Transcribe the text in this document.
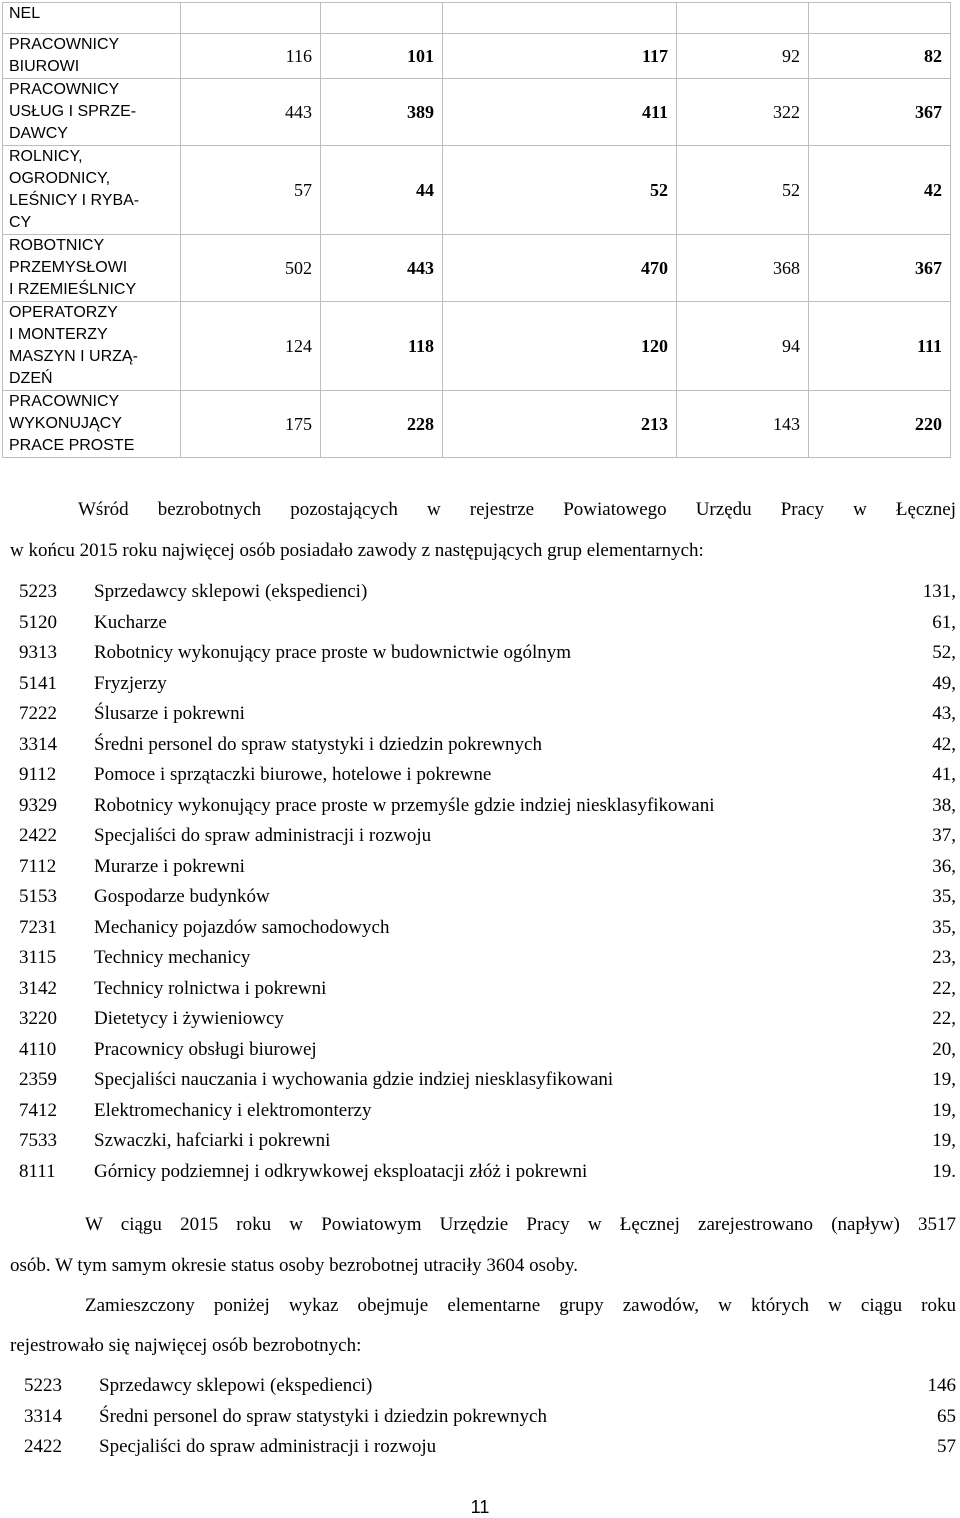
NEL					

PRACOWNICY
BIUROWI	116	101	117	92	82

PRACOWNICY
USŁUG I SPRZE-
DAWCY	443	389	411	322	367

ROLNICY,
OGRODNICY,
LEŚNICY I RYBA-
CY	57	44	52	52	42

ROBOTNICY
PRZEMYSŁOWI
I RZEMIEŚLNICY	502	443	470	368	367

OPERATORZY
I MONTERZY
MASZYN I URZĄ-
DZEŃ	124	118	120	94	111

PRACOWNICY
WYKONUJĄCY
PRACE PROSTE	175	228	213	143	220
Wśród bezrobotnych pozostających w rejestrze Powiatowego Urzędu Pracy w Łęcznej
w końcu 2015 roku najwięcej osób posiadało zawody z następujących grup elementarnych:
5223	Sprzedawcy sklepowi (ekspedienci)	131,
5120	Kucharze	61,
9313	Robotnicy wykonujący prace proste w budownictwie ogólnym	52,
5141	Fryzjerzy	49,
7222	Ślusarze i pokrewni	43,
3314	Średni personel do spraw statystyki i dziedzin pokrewnych	42,
9112	Pomoce i sprzątaczki biurowe, hotelowe i pokrewne	41,
9329	Robotnicy wykonujący prace proste w przemyśle gdzie indziej niesklasyfikowani	38,
2422	Specjaliści do spraw administracji i rozwoju	37,
7112	Murarze i pokrewni	36,
5153	Gospodarze budynków	35,
7231	Mechanicy pojazdów samochodowych	35,
3115	Technicy mechanicy	23,
3142	Technicy rolnictwa i pokrewni	22,
3220	Dietetycy i żywieniowcy	22,
4110	Pracownicy obsługi biurowej	20,
2359	Specjaliści nauczania i wychowania gdzie indziej niesklasyfikowani	19,
7412	Elektromechanicy i elektromonterzy	19,
7533	Szwaczki, hafciarki i pokrewni	19,
8111	Górnicy podziemnej i odkrywkowej eksploatacji złóż i pokrewni	19.
W ciągu 2015 roku w Powiatowym Urzędzie Pracy w Łęcznej zarejestrowano (napływ) 3517
osób. W tym samym okresie status osoby bezrobotnej utraciły 3604 osoby.
Zamieszczony poniżej wykaz obejmuje elementarne grupy zawodów, w których w ciągu roku
rejestrowało się najwięcej osób bezrobotnych:
5223	Sprzedawcy sklepowi (ekspedienci)	146
3314	Średni personel do spraw statystyki i dziedzin pokrewnych	65
2422	Specjaliści do spraw administracji i rozwoju	57
11
